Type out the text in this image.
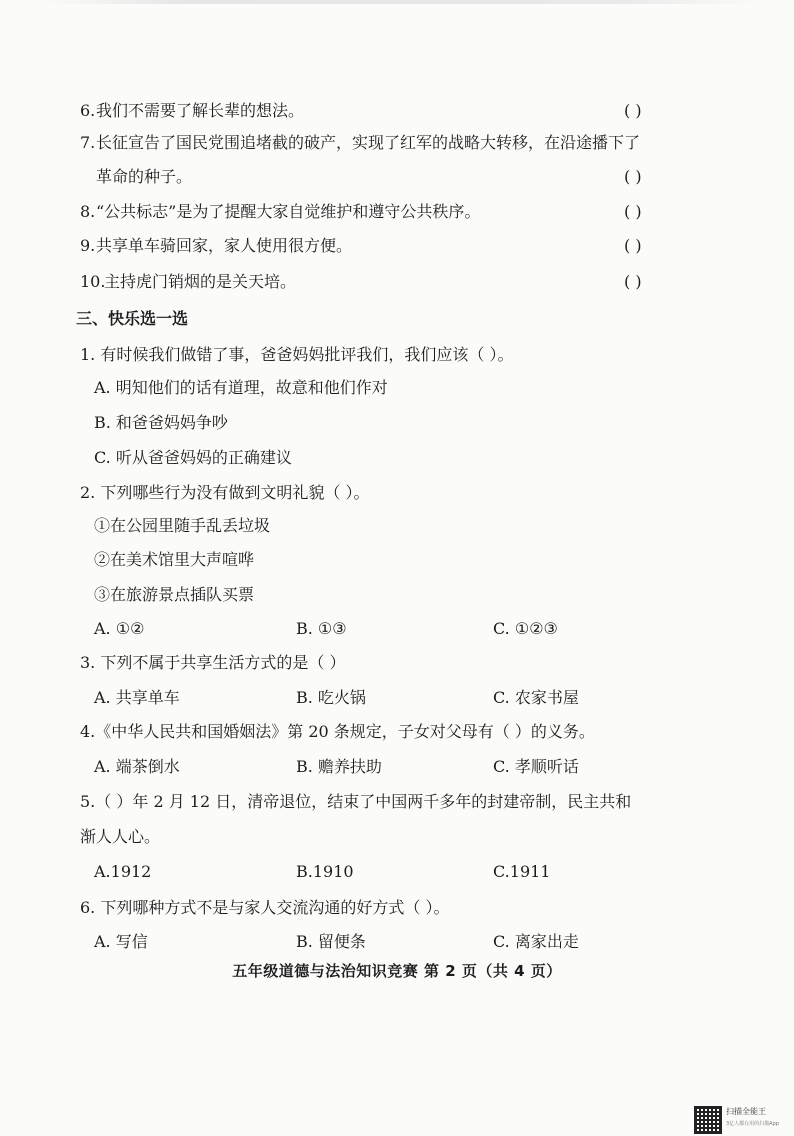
6. 我们不需要了解长辈的想法。	( )
7. 长征宣告了国民党围追堵截的破产，实现了红军的战略大转移，在沿途播下了
革命的种子。	( )
8. “公共标志”是为了提醒大家自觉维护和遵守公共秩序。	( )
9. 共享单车骑回家，家人使用很方便。	( )
10.
主持虎门销烟的是关天培。	( )
三、快乐选一选
1. 有时候我们做错了事，爸爸妈妈批评我们，我们应该（ ）。
A. 明知他们的话有道理，故意和他们作对
B. 和爸爸妈妈争吵
C. 听从爸爸妈妈的正确建议
2. 下列哪些行为没有做到文明礼貌（ ）。
①在公园里随手乱丢垃圾
②在美术馆里大声喧哗
③在旅游景点插队买票
A. ①②	B. ①③	C. ①②③
3. 下列不属于共享生活方式的是（ ）
A. 共享单车	B. 吃火锅	C. 农家书屋
4.《中华人民共和国婚姻法》第 20 条规定，子女对父母有（ ）的义务。
A. 端茶倒水	B. 赡养扶助	C. 孝顺听话
5.（ ）年 2 月 12 日，清帝退位，结束了中国两千多年的封建帝制，民主共和
渐人人心。
A.1912	B.1910	C.1911
6. 下列哪种方式不是与家人交流沟通的好方式（ ）。
A. 写信	B. 留便条	C. 离家出走
五年级道德与法治知识竞赛 第 2 页（共 4 页）
扫描全能王
3亿人都在用的扫描App
